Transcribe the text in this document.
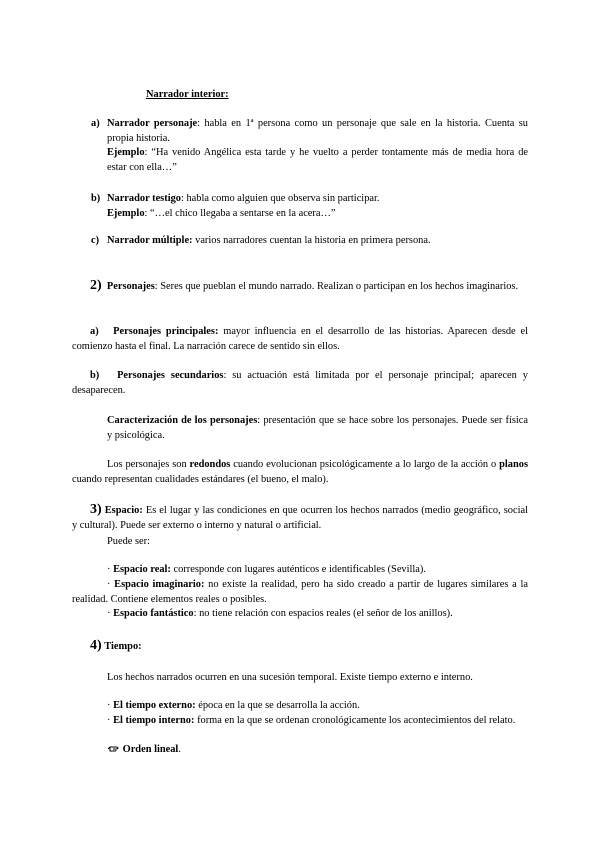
Narrador interior:
a) Narrador personaje: habla en 1ª persona como un personaje que sale en la historia. Cuenta su propia historia.
Ejemplo: “Ha venido Angélica esta tarde y he vuelto a perder tontamente más de media hora de estar con ella…”
b) Narrador testigo: habla como alguien que observa sin participar.
Ejemplo: “…el chico llegaba a sentarse en la acera…”
c) Narrador múltiple: varios narradores cuentan la historia en primera persona.
2) Personajes: Seres que pueblan el mundo narrado. Realizan o participan en los hechos imaginarios.
a) Personajes principales: mayor influencia en el desarrollo de las historias. Aparecen desde el comienzo hasta el final. La narración carece de sentido sin ellos.
b) Personajes secundarios: su actuación está limitada por el personaje principal; aparecen y desaparecen.
Caracterización de los personajes: presentación que se hace sobre los personajes. Puede ser física y psicológica.
Los personajes son redondos cuando evolucionan psicológicamente a lo largo de la acción o planos cuando representan cualidades estándares (el bueno, el malo).
3) Espacio: Es el lugar y las condiciones en que ocurren los hechos narrados (medio geográfico, social y cultural). Puede ser externo o interno y natural o artificial.
Puede ser:
· Espacio real: corresponde con lugares auténticos e identificables (Sevilla).
· Espacio imaginario: no existe la realidad, pero ha sido creado a partir de lugares similares a la realidad. Contiene elementos reales o posibles.
· Espacio fantástico: no tiene relación con espacios reales (el señor de los anillos).
4) Tiempo:
Los hechos narrados ocurren en una sucesión temporal. Existe tiempo externo e interno.
· El tiempo externo: época en la que se desarrolla la acción.
· El tiempo interno: forma en la que se ordenan cronológicamente los acontecimientos del relato.
Orden lineal.
